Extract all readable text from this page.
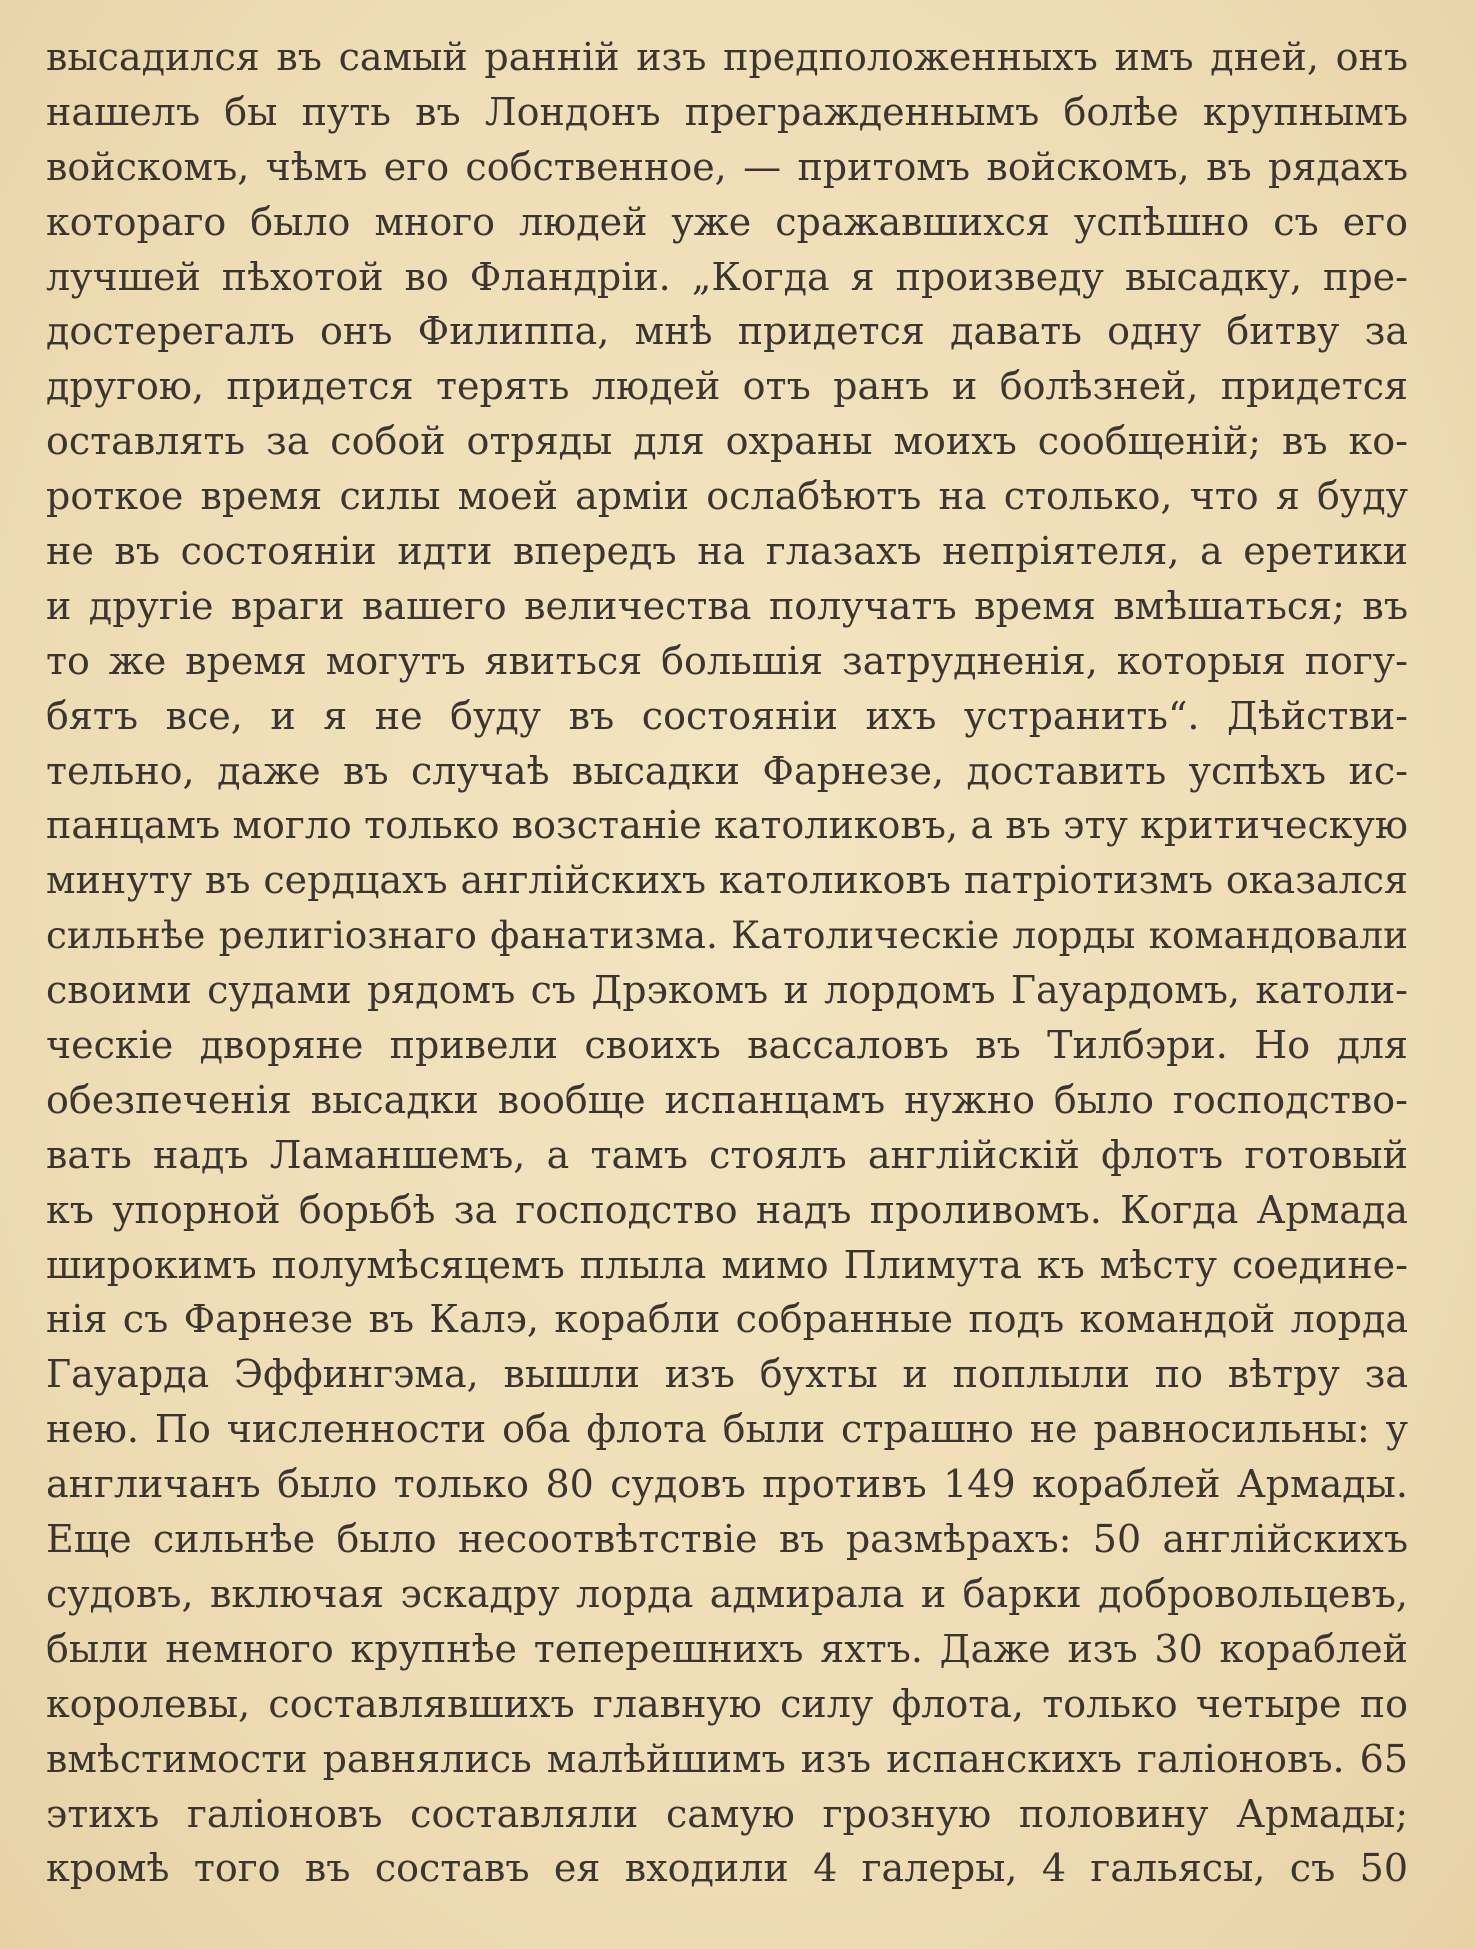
высадился въ самый ранній изъ предположенныхъ имъ дней, онъ
нашелъ бы путь въ Лондонъ прегражденнымъ болѣе крупнымъ
войскомъ, чѣмъ его собственное, — притомъ войскомъ, въ рядахъ
котораго было много людей уже сражавшихся успѣшно съ его
лучшей пѣхотой во Фландріи. „Когда я произведу высадку, пре-
достерегалъ онъ Филиппа, мнѣ придется давать одну битву за
другою, придется терять людей отъ ранъ и болѣзней, придется
оставлять за собой отряды для охраны моихъ сообщеній; въ ко-
роткое время силы моей арміи ослабѣютъ на столько, что я буду
не въ состояніи идти впередъ на глазахъ непріятеля, а еретики
и другіе враги вашего величества получатъ время вмѣшаться; въ
то же время могутъ явиться большія затрудненія, которыя погу-
бятъ все, и я не буду въ состояніи ихъ устранить“. Дѣйстви-
тельно, даже въ случаѣ высадки Фарнезе, доставить успѣхъ ис-
панцамъ могло только возстаніе католиковъ, а въ эту критическую
минуту въ сердцахъ англійскихъ католиковъ патріотизмъ оказался
сильнѣе религіознаго фанатизма. Католическіе лорды командовали
своими судами рядомъ съ Дрэкомъ и лордомъ Гауардомъ, католи-
ческіе дворяне привели своихъ вассаловъ въ Тилбэри. Но для
обезпеченія высадки вообще испанцамъ нужно было господство-
вать надъ Ламаншемъ, а тамъ стоялъ англійскій флотъ готовый
къ упорной борьбѣ за господство надъ проливомъ. Когда Армада
широкимъ полумѣсяцемъ плыла мимо Плимута къ мѣсту соедине-
нія съ Фарнезе въ Калэ, корабли собранные подъ командой лорда
Гауарда Эффингэма, вышли изъ бухты и поплыли по вѣтру за
нею. По численности оба флота были страшно не равносильны: у
англичанъ было только 80 судовъ противъ 149 кораблей Армады.
Еще сильнѣе было несоотвѣтствіе въ размѣрахъ: 50 англійскихъ
судовъ, включая эскадру лорда адмирала и барки добровольцевъ,
были немного крупнѣе теперешнихъ яхтъ. Даже изъ 30 кораблей
королевы, составлявшихъ главную силу флота, только четыре по
вмѣстимости равнялись малѣйшимъ изъ испанскихъ галіоновъ. 65
этихъ галіоновъ составляли самую грозную половину Армады;
кромѣ того въ составъ ея входили 4 галеры, 4 гальясы, съ 50
